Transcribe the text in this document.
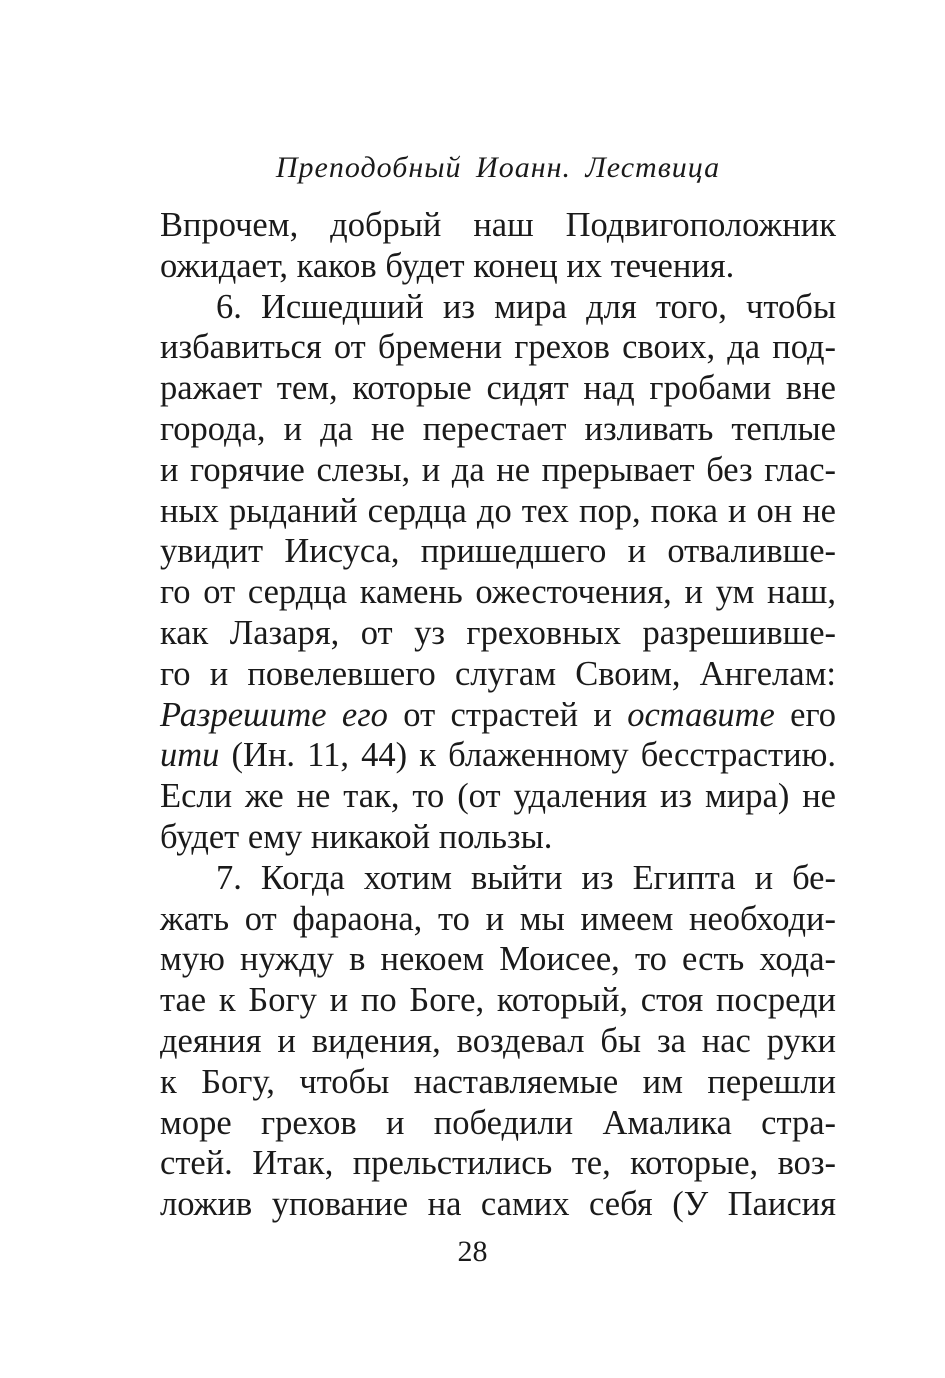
Преподобный Иоанн. Лествица
Впрочем, добрый наш Подвигоположник
ожидает, каков будет конец их течения.
6. Исшедший из мира для того, чтобы
избавиться от бремени грехов своих, да под-
ражает тем, которые сидят над гробами вне
города, и да не перестает изливать теплые
и горячие слезы, и да не прерывает без глас-
ных рыданий сердца до тех пор, пока и он не
увидит Иисуса, пришедшего и отваливше-
го от сердца камень ожесточения, и ум наш,
как Лазаря, от уз греховных разрешивше-
го и повелевшего слугам Своим, Ангелам:
Разрешите его от страстей и оставите его
ити (Ин. 11, 44) к блаженному бесстрастию.
Если же не так, то (от удаления из мира) не
будет ему никакой пользы.
7. Когда хотим выйти из Египта и бе-
жать от фараона, то и мы имеем необходи-
мую нужду в некоем Моисее, то есть хода-
тае к Богу и по Боге, который, стоя посреди
деяния и видения, воздевал бы за нас руки
к Богу, чтобы наставляемые им перешли
море грехов и победили Амалика стра-
стей. Итак, прельстились те, которые, воз-
ложив упование на самих себя (У Паисия
28
